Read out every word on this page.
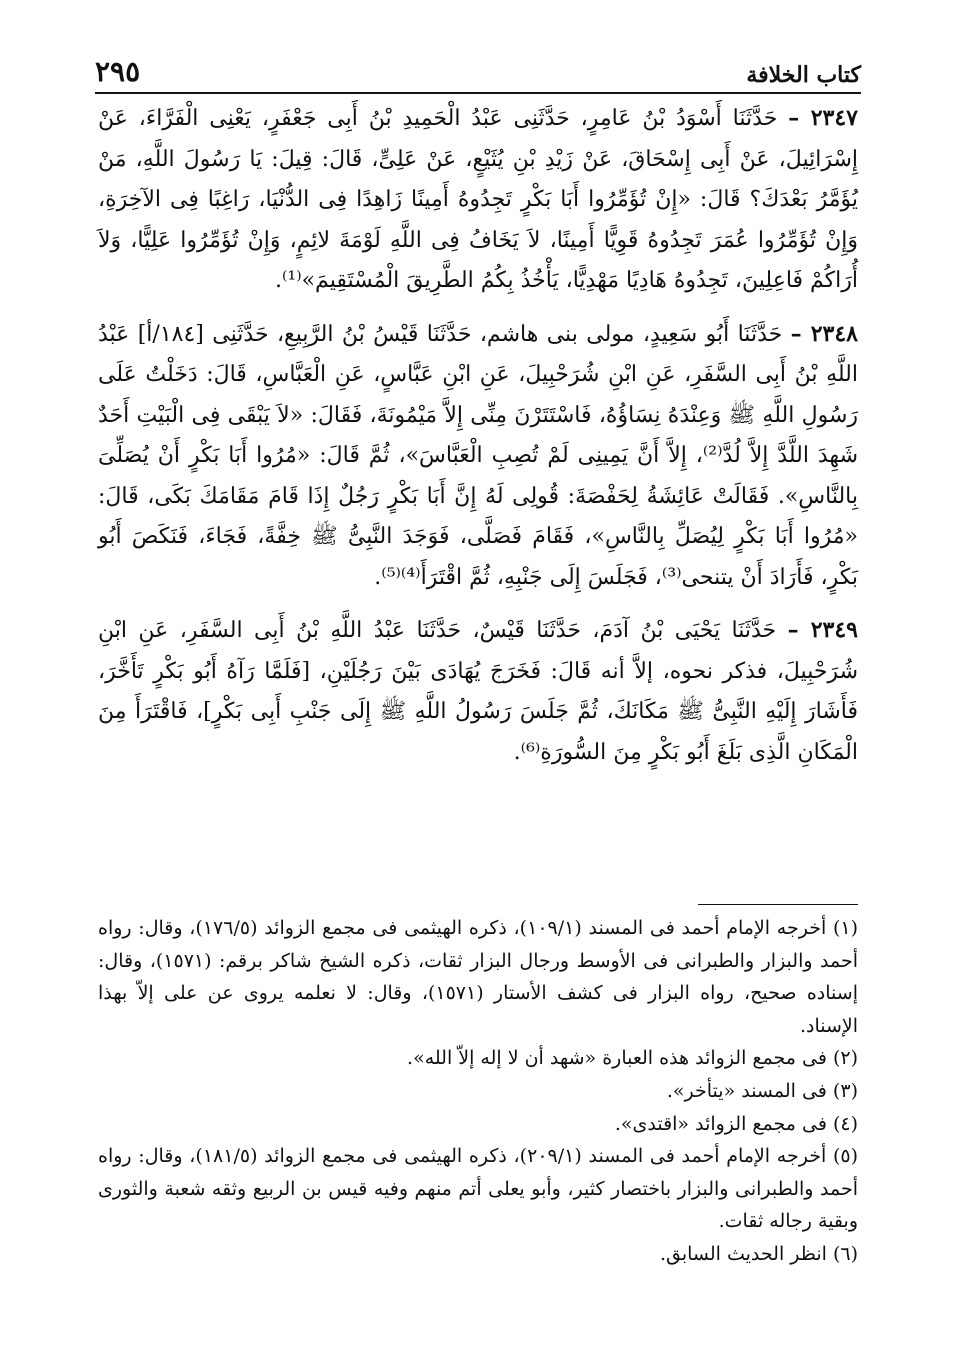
٢٩٥	كتاب الخلافة

٢٣٤٧ – حَدَّثَنَا أَسْوَدُ بْنُ عَامِرٍ، حَدَّثَنِى عَبْدُ الْحَمِيدِ بْنُ أَبِى جَعْفَرٍ، يَعْنِى الْفَرَّاءَ، عَنْ إِسْرَائِيلَ، عَنْ أَبِى إِسْحَاقَ، عَنْ زَيْدِ بْنِ يُثَيْعٍ، عَنْ عَلِىٍّ، قَالَ: قِيلَ: يَا رَسُولَ اللَّهِ، مَنْ يُؤَمَّرُ بَعْدَكَ؟ قَالَ: «إِنْ تُؤَمِّرُوا أَبَا بَكْرٍ تَجِدُوهُ أَمِينًا زَاهِدًا فِى الدُّنْيَا، رَاغِبًا فِى الآخِرَةِ، وَإِنْ تُؤَمِّرُوا عُمَرَ تَجِدُوهُ قَوِيًّا أَمِينًا، لاَ يَخَافُ فِى اللَّهِ لَوْمَةَ لائِمٍ، وَإِنْ تُؤَمِّرُوا عَلِيًّا، وَلاَ أُرَاكُمْ فَاعِلِينَ، تَجِدُوهُ هَادِيًا مَهْدِيًّا، يَأْخُذُ بِكُمُ الطَّرِيقَ الْمُسْتَقِيمَ»⁽¹⁾.

٢٣٤٨ – حَدَّثَنَا أَبُو سَعِيدٍ، مولى بنى هاشم، حَدَّثَنَا قَيْسُ بْنُ الرَّبِيعِ، حَدَّثَنِى [١٨٤/أ] عَبْدُ اللَّهِ بْنُ أَبِى السَّفَرِ، عَنِ ابْنِ شُرَحْبِيلَ، عَنِ ابْنِ عَبَّاسٍ، عَنِ الْعَبَّاسِ، قَالَ: دَخَلْتُ عَلَى رَسُولِ اللَّهِ ﷺ وَعِنْدَهُ نِسَاؤُهُ، فَاسْتَتَرْنَ مِنِّى إِلاَّ مَيْمُونَةَ، فَقَالَ: «لاَ يَبْقَى فِى الْبَيْتِ أَحَدٌ شَهِدَ اللَّدَّ إِلاَّ لُدَّ⁽²⁾، إِلاَّ أَنَّ يَمِينِى لَمْ تُصِبِ الْعَبَّاسَ»، ثُمَّ قَالَ: «مُرُوا أَبَا بَكْرٍ أَنْ يُصَلِّىَ بِالنَّاسِ». فَقَالَتْ عَائِشَةُ لِحَفْصَةَ: قُولِى لَهُ إِنَّ أَبَا بَكْرٍ رَجُلٌ إِذَا قَامَ مَقَامَكَ بَكَى، قَالَ: «مُرُوا أَبَا بَكْرٍ لِيُصَلِّ بِالنَّاسِ»، فَقَامَ فَصَلَّى، فَوَجَدَ النَّبِىُّ ﷺ خِفَّةً، فَجَاءَ، فَنَكَصَ أَبُو بَكْرٍ، فَأَرَادَ أَنْ يتنحى⁽³⁾، فَجَلَسَ إِلَى جَنْبِهِ، ثُمَّ اقْتَرَأَ⁽⁴⁾⁽⁵⁾.

٢٣٤٩ – حَدَّثَنَا يَحْيَى بْنُ آدَمَ، حَدَّثَنَا قَيْسٌ، حَدَّثَنَا عَبْدُ اللَّهِ بْنُ أَبِى السَّفَرِ، عَنِ ابْنِ شُرَحْبِيلَ، فذكر نحوه، إلاَّ أنه قَالَ: فَخَرَجَ يُهَادَى بَيْنَ رَجُلَيْنِ، [فَلَمَّا رَآهُ أَبُو بَكْرٍ تَأَخَّرَ، فَأَشَارَ إِلَيْهِ النَّبِىُّ ﷺ مَكَانَكَ، ثُمَّ جَلَسَ رَسُولُ اللَّهِ ﷺ إِلَى جَنْبِ أَبِى بَكْرٍ]، فَاقْتَرَأَ مِنَ الْمَكَانِ الَّذِى بَلَغَ أَبُو بَكْرٍ مِنَ السُّورَةِ⁽⁶⁾.

(١) أخرجه الإمام أحمد فى المسند (١٠٩/١)، ذكره الهيثمى فى مجمع الزوائد (١٧٦/٥)، وقال: رواه أحمد والبزار والطبرانى فى الأوسط ورجال البزار ثقات، ذكره الشيخ شاكر برقم: (١٥٧١)، وقال: إسناده صحيح، رواه البزار فى كشف الأستار (١٥٧١)، وقال: لا نعلمه يروى عن على إلاّ بهذا الإسناد.

(٢) فى مجمع الزوائد هذه العبارة «شهد أن لا إله إلاّ الله».

(٣) فى المسند «يتأخر».

(٤) فى مجمع الزوائد «اقتدى».

(٥) أخرجه الإمام أحمد فى المسند (٢٠٩/١)، ذكره الهيثمى فى مجمع الزوائد (١٨١/٥)، وقال: رواه أحمد والطبرانى والبزار باختصار كثير، وأبو يعلى أتم منهم وفيه قيس بن الربيع وثقه شعبة والثورى وبقية رجاله ثقات.

(٦) انظر الحديث السابق.
